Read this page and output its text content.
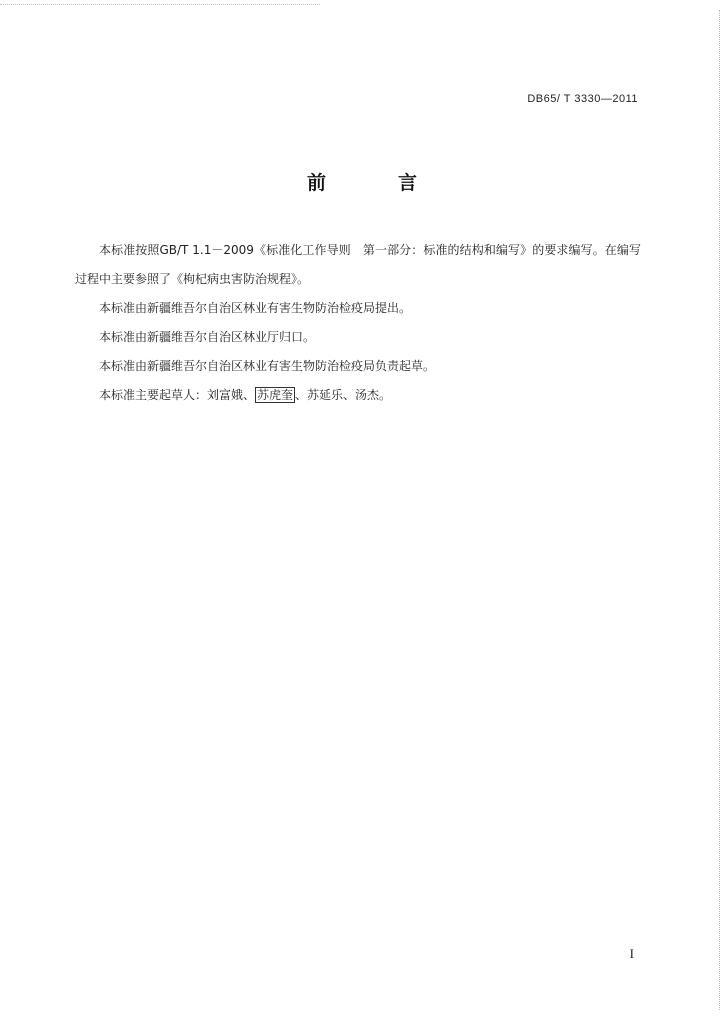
DB65/ T 3330—2011
前	言

本标准按照GB/T 1.1－2009《标准化工作导则　第一部分：标准的结构和编写》的要求编写。在编写过程中主要参照了《枸杞病虫害防治规程》。

本标准由新疆维吾尔自治区林业有害生物防治检疫局提出。

本标准由新疆维吾尔自治区林业厅归口。

本标准由新疆维吾尔自治区林业有害生物防治检疫局负责起草。

本标准主要起草人：刘富娥、 苏虎奎 、苏延乐、汤杰。

I
